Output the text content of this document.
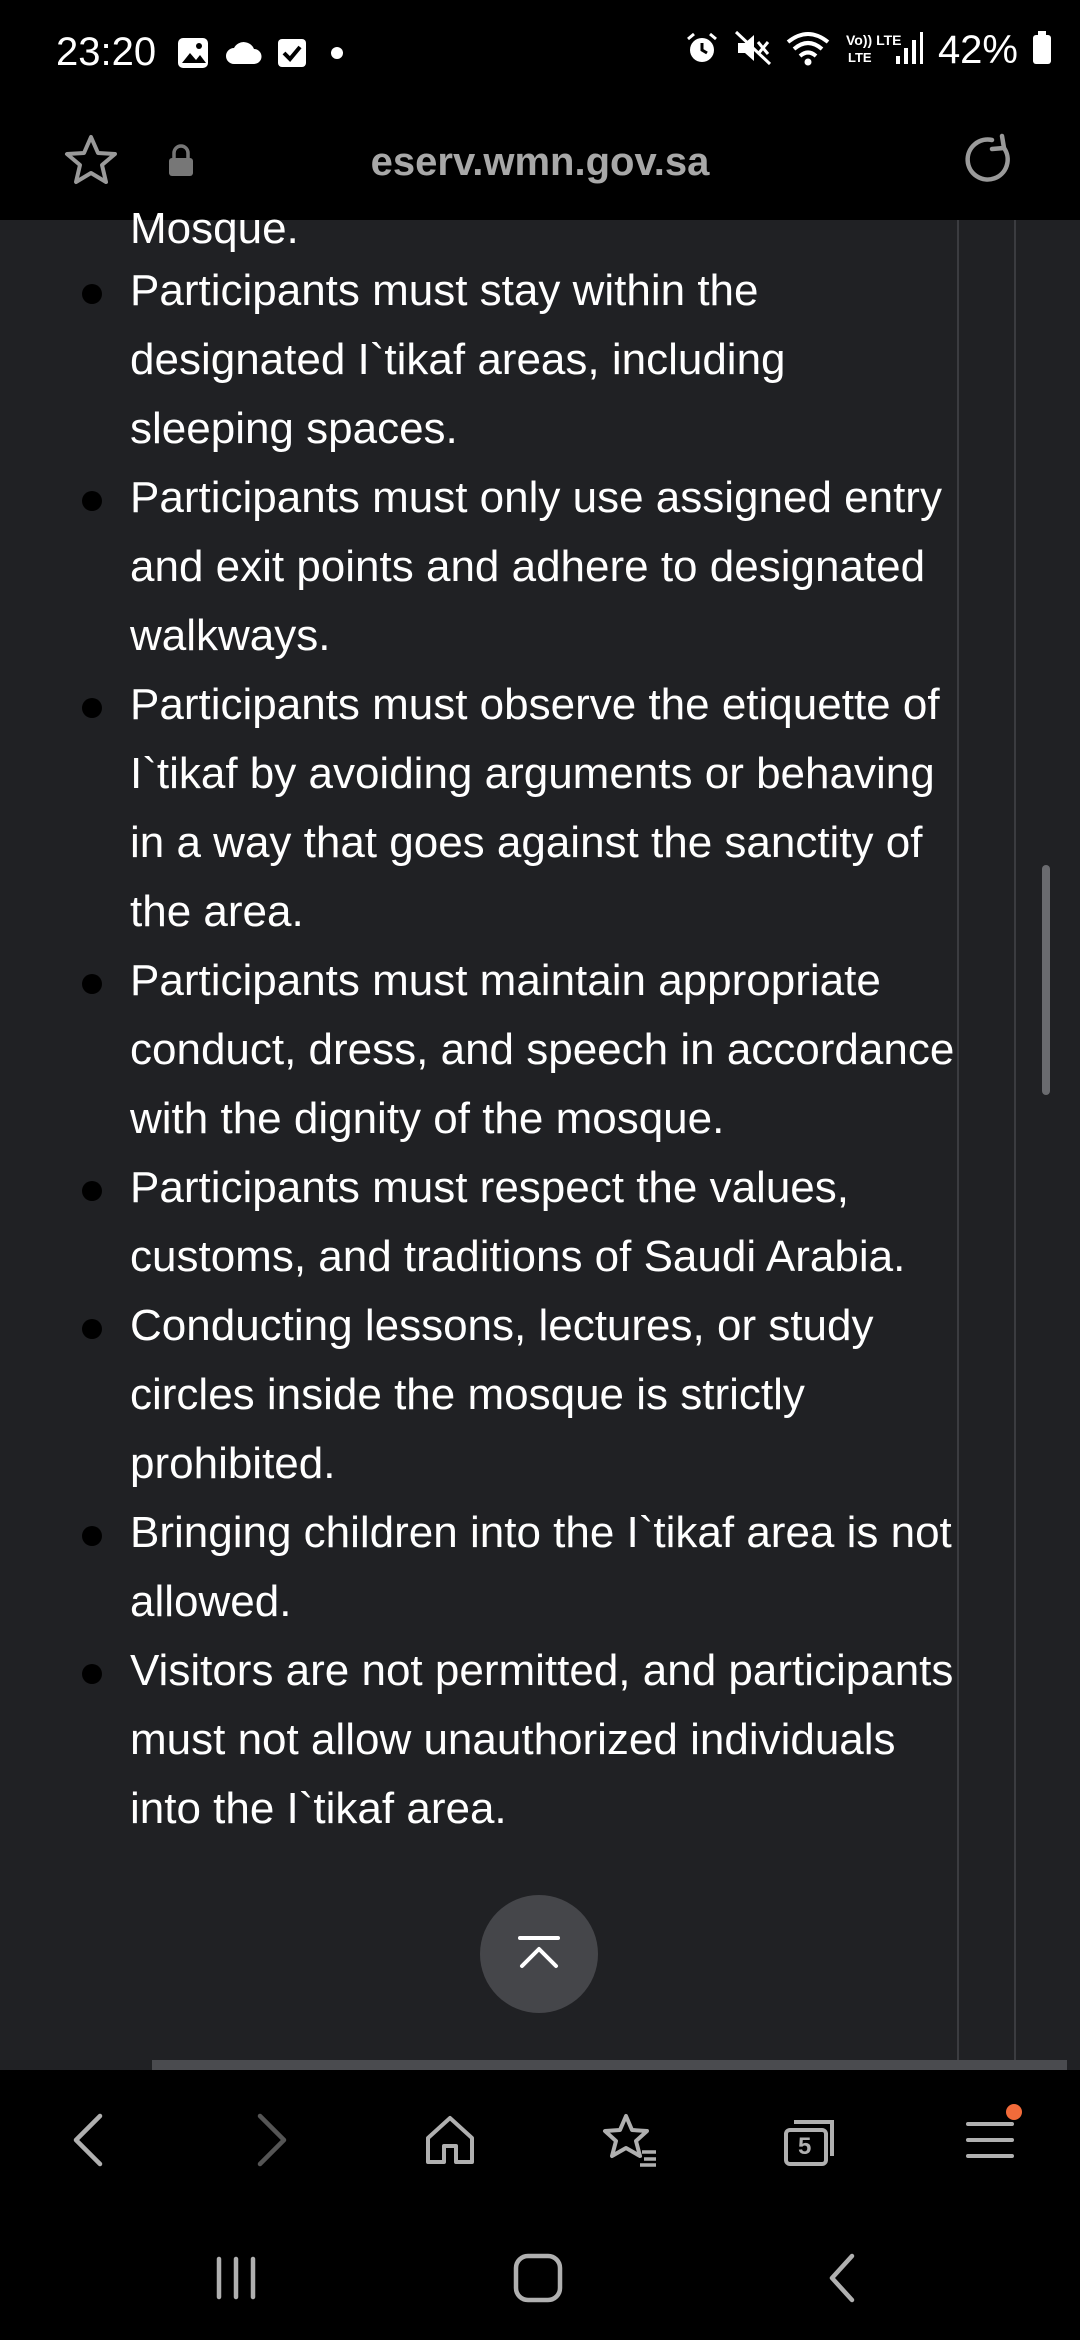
23:20	Vo)) LTE
LTE 42%
eserv.wmn.gov.sa
Mosque.
Participants must stay within the designated I`tikaf areas, including sleeping spaces.
Participants must only use assigned entry and exit points and adhere to designated walkways.
Participants must observe the etiquette of I`tikaf by avoiding arguments or behaving in a way that goes against the sanctity of the area.
Participants must maintain appropriate conduct, dress, and speech in accordance with the dignity of the mosque.
Participants must respect the values, customs, and traditions of Saudi Arabia.
Conducting lessons, lectures, or study circles inside the mosque is strictly prohibited.
Bringing children into the I`tikaf area is not allowed.
Visitors are not permitted, and participants must not allow unauthorized individuals into the I`tikaf area.
5
